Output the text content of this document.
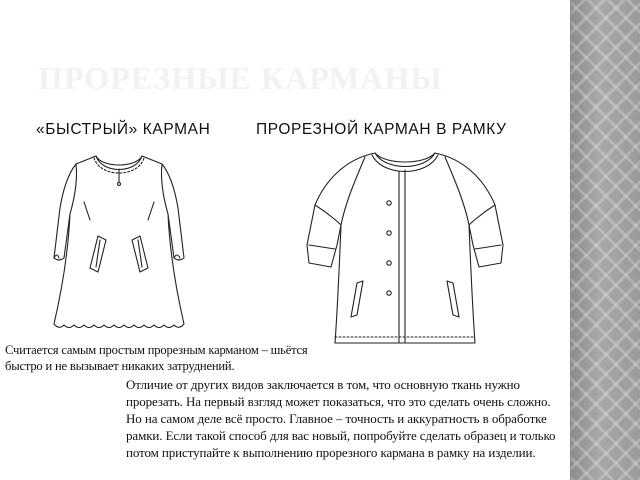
ПРОРЕЗНЫЕ КАРМАНЫ

«БЫСТРЫЙ» КАРМАН	ПРОРЕЗНОЙ КАРМАН В РАМКУ

Считается самым простым прорезным карманом – шьётся быстро и не вызывает никаких затруднений.

Отличие от других видов заключается в том, что основную ткань нужно прорезать. На первый взгляд может показаться, что это сделать очень сложно. Но на самом деле всё просто. Главное – точность и аккуратность в обработке рамки. Если такой способ для вас новый, попробуйте сделать образец и только потом приступайте к выполнению прорезного кармана в рамку на изделии.
